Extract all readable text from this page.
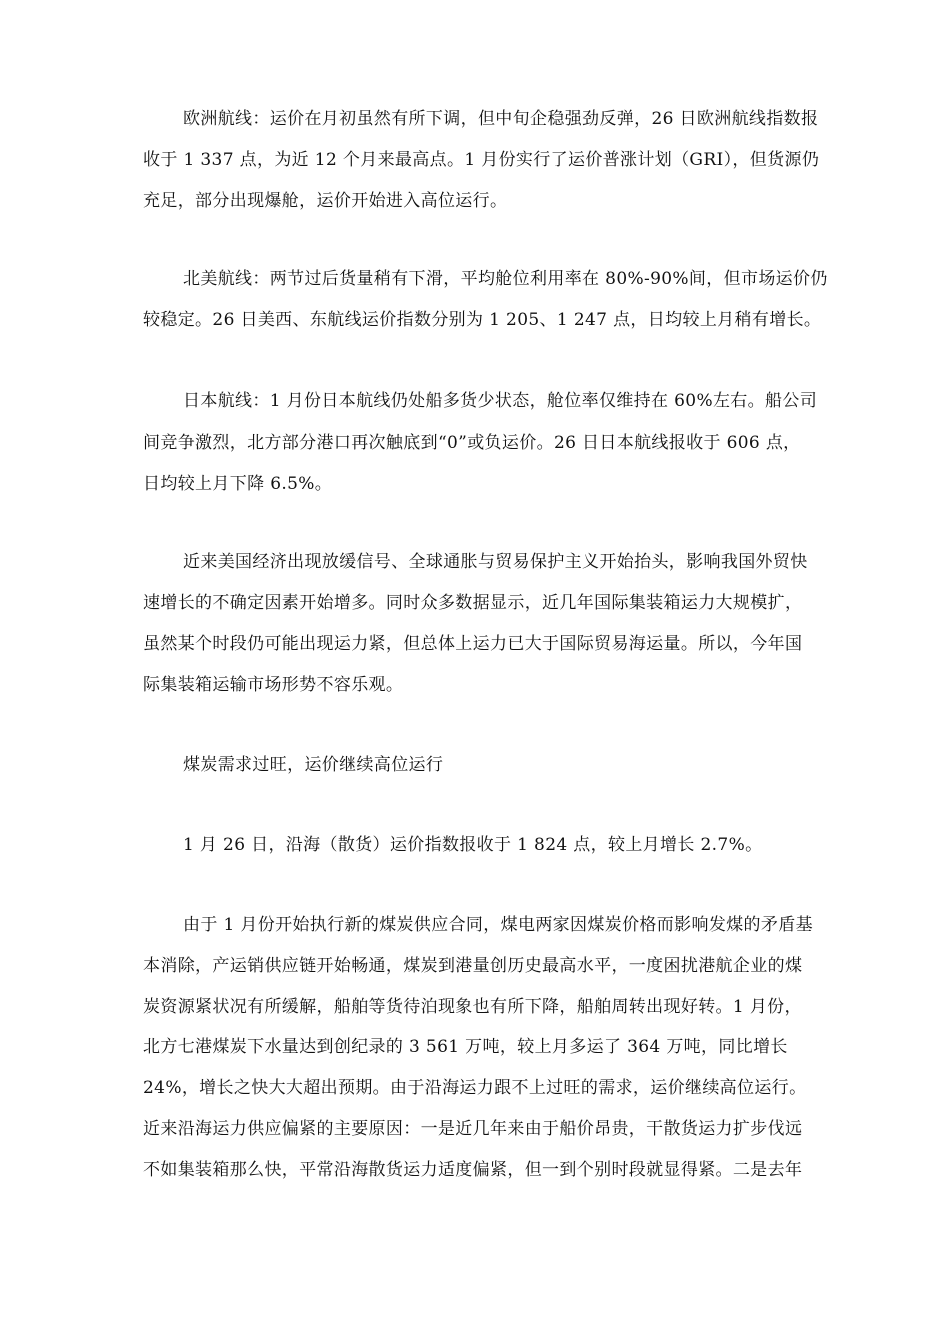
欧洲航线：运价在月初虽然有所下调，但中旬企稳强劲反弹，26 日欧洲航线指数报
收于 1 337 点，为近 12 个月来最高点。1 月份实行了运价普涨计划（GRI），但货源仍
充足，部分出现爆舱，运价开始进入高位运行。
北美航线：两节过后货量稍有下滑，平均舱位利用率在 80%-90%间，但市场运价仍
较稳定。26 日美西、东航线运价指数分别为 1 205、1 247 点，日均较上月稍有增长。
日本航线：1 月份日本航线仍处船多货少状态，舱位率仅维持在 60%左右。船公司
间竞争激烈，北方部分港口再次触底到“0”或负运价。26 日日本航线报收于 606 点，
日均较上月下降 6.5%。
近来美国经济出现放缓信号、全球通胀与贸易保护主义开始抬头，影响我国外贸快
速增长的不确定因素开始增多。同时众多数据显示，近几年国际集装箱运力大规模扩，
虽然某个时段仍可能出现运力紧，但总体上运力已大于国际贸易海运量。所以，今年国
际集装箱运输市场形势不容乐观。
煤炭需求过旺，运价继续高位运行
1 月 26 日，沿海（散货）运价指数报收于 1 824 点，较上月增长 2.7%。
由于 1 月份开始执行新的煤炭供应合同，煤电两家因煤炭价格而影响发煤的矛盾基
本消除，产运销供应链开始畅通，煤炭到港量创历史最高水平，一度困扰港航企业的煤
炭资源紧状况有所缓解，船舶等货待泊现象也有所下降，船舶周转出现好转。1 月份，
北方七港煤炭下水量达到创纪录的 3 561 万吨，较上月多运了 364 万吨，同比增长
24%，增长之快大大超出预期。由于沿海运力跟不上过旺的需求，运价继续高位运行。
近来沿海运力供应偏紧的主要原因：一是近几年来由于船价昂贵，干散货运力扩步伐远
不如集装箱那么快，平常沿海散货运力适度偏紧，但一到个别时段就显得紧。二是去年
